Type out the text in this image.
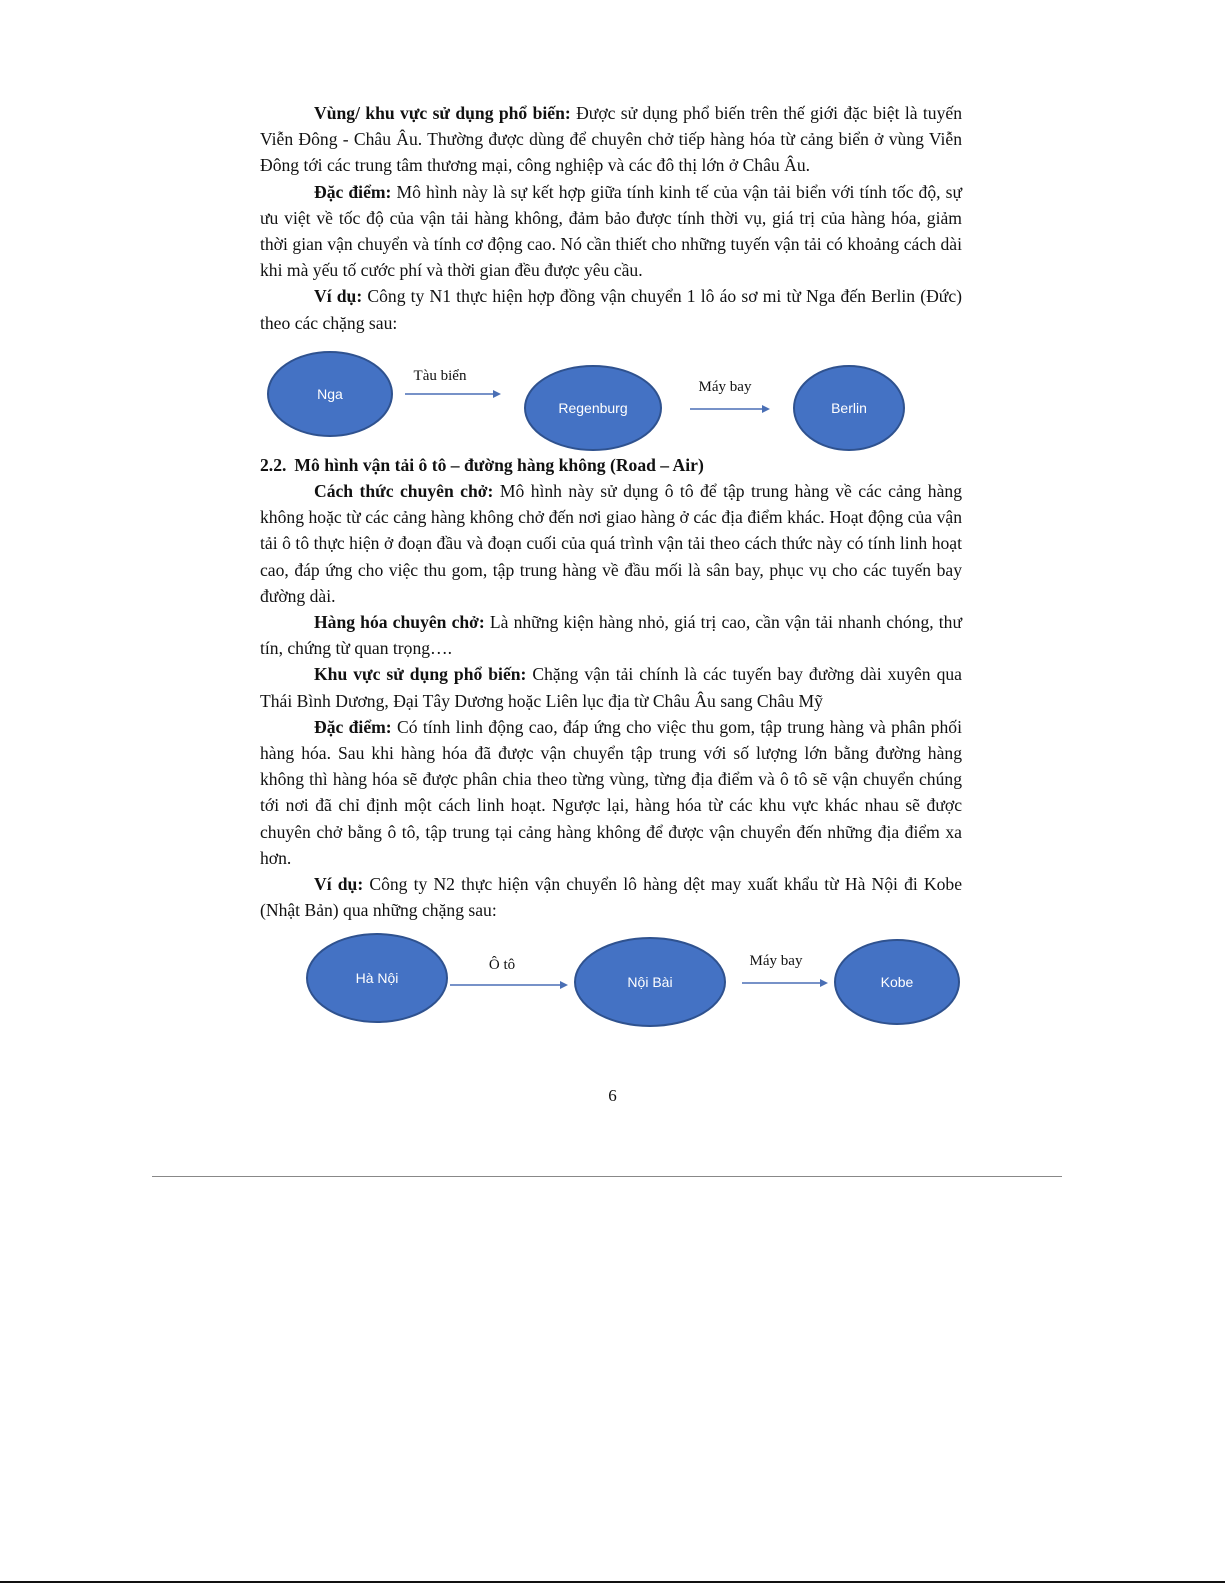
Vùng/ khu vực sử dụng phổ biến: Được sử dụng phổ biến trên thế giới đặc biệt là tuyến Viễn Đông - Châu Âu. Thường được dùng để chuyên chở tiếp hàng hóa từ cảng biển ở vùng Viễn Đông tới các trung tâm thương mại, công nghiệp và các đô thị lớn ở Châu Âu.

Đặc điểm: Mô hình này là sự kết hợp giữa tính kinh tế của vận tải biển với tính tốc độ, sự ưu việt về tốc độ của vận tải hàng không, đảm bảo được tính thời vụ, giá trị của hàng hóa, giảm thời gian vận chuyển và tính cơ động cao. Nó cần thiết cho những tuyến vận tải có khoảng cách dài khi mà yếu tố cước phí và thời gian đều được yêu cầu.

Ví dụ: Công ty N1 thực hiện hợp đồng vận chuyển 1 lô áo sơ mi từ Nga đến Berlin (Đức) theo các chặng sau:

Nga
Tàu biển
Regenburg
Máy bay
Berlin

2.2. Mô hình vận tải ô tô – đường hàng không (Road – Air)

Cách thức chuyên chở: Mô hình này sử dụng ô tô để tập trung hàng về các cảng hàng không hoặc từ các cảng hàng không chở đến nơi giao hàng ở các địa điểm khác. Hoạt động của vận tải ô tô thực hiện ở đoạn đầu và đoạn cuối của quá trình vận tải theo cách thức này có tính linh hoạt cao, đáp ứng cho việc thu gom, tập trung hàng về đầu mối là sân bay, phục vụ cho các tuyến bay đường dài.

Hàng hóa chuyên chở: Là những kiện hàng nhỏ, giá trị cao, cần vận tải nhanh chóng, thư tín, chứng từ quan trọng….

Khu vực sử dụng phổ biến: Chặng vận tải chính là các tuyến bay đường dài xuyên qua Thái Bình Dương, Đại Tây Dương hoặc Liên lục địa từ Châu Âu sang Châu Mỹ

Đặc điểm: Có tính linh động cao, đáp ứng cho việc thu gom, tập trung hàng và phân phối hàng hóa. Sau khi hàng hóa đã được vận chuyển tập trung với số lượng lớn bằng đường hàng không thì hàng hóa sẽ được phân chia theo từng vùng, từng địa điểm và ô tô sẽ vận chuyển chúng tới nơi đã chỉ định một cách linh hoạt. Ngược lại, hàng hóa từ các khu vực khác nhau sẽ được chuyên chở bằng ô tô, tập trung tại cảng hàng không để được vận chuyển đến những địa điểm xa hơn.

Ví dụ: Công ty N2 thực hiện vận chuyển lô hàng dệt may xuất khẩu từ Hà Nội đi Kobe (Nhật Bản) qua những chặng sau:

Hà Nội
Ô tô
Nội Bài
Máy bay
Kobe
6
